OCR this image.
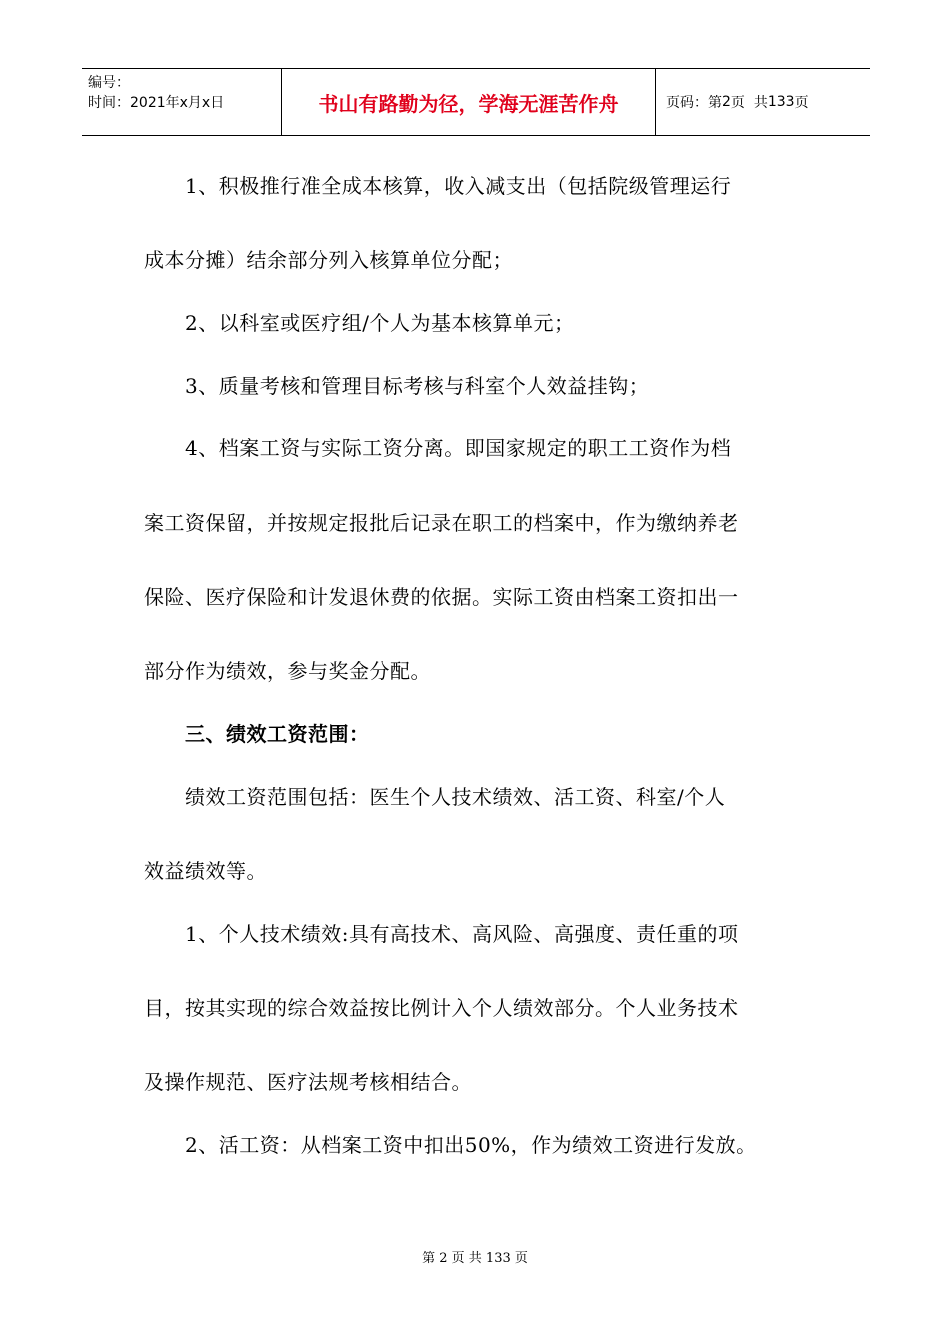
编号：
时间：2021年x月x日	书山有路勤为径，学海无涯苦作舟	页码：第 2 页  共 133 页

　　1、积极推行准全成本核算，收入减支出（包括院级管理运行

成本分摊）结余部分列入核算单位分配；

　　2、以科室或医疗组/个人为基本核算单元；

　　3、质量考核和管理目标考核与科室个人效益挂钩；

　　4、档案工资与实际工资分离。即国家规定的职工工资作为档

案工资保留，并按规定报批后记录在职工的档案中，作为缴纳养老

保险、医疗保险和计发退休费的依据。实际工资由档案工资扣出一

部分作为绩效，参与奖金分配。

　　三、绩效工资范围：

　　绩效工资范围包括：医生个人技术绩效、活工资、科室/个人

效益绩效等。

　　1、个人技术绩效:具有高技术、高风险、高强度、责任重的项

目，按其实现的综合效益按比例计入个人绩效部分。个人业务技术

及操作规范、医疗法规考核相结合。

　　2、活工资：从档案工资中扣出50%，作为绩效工资进行发放。

第 2 页 共 133 页
